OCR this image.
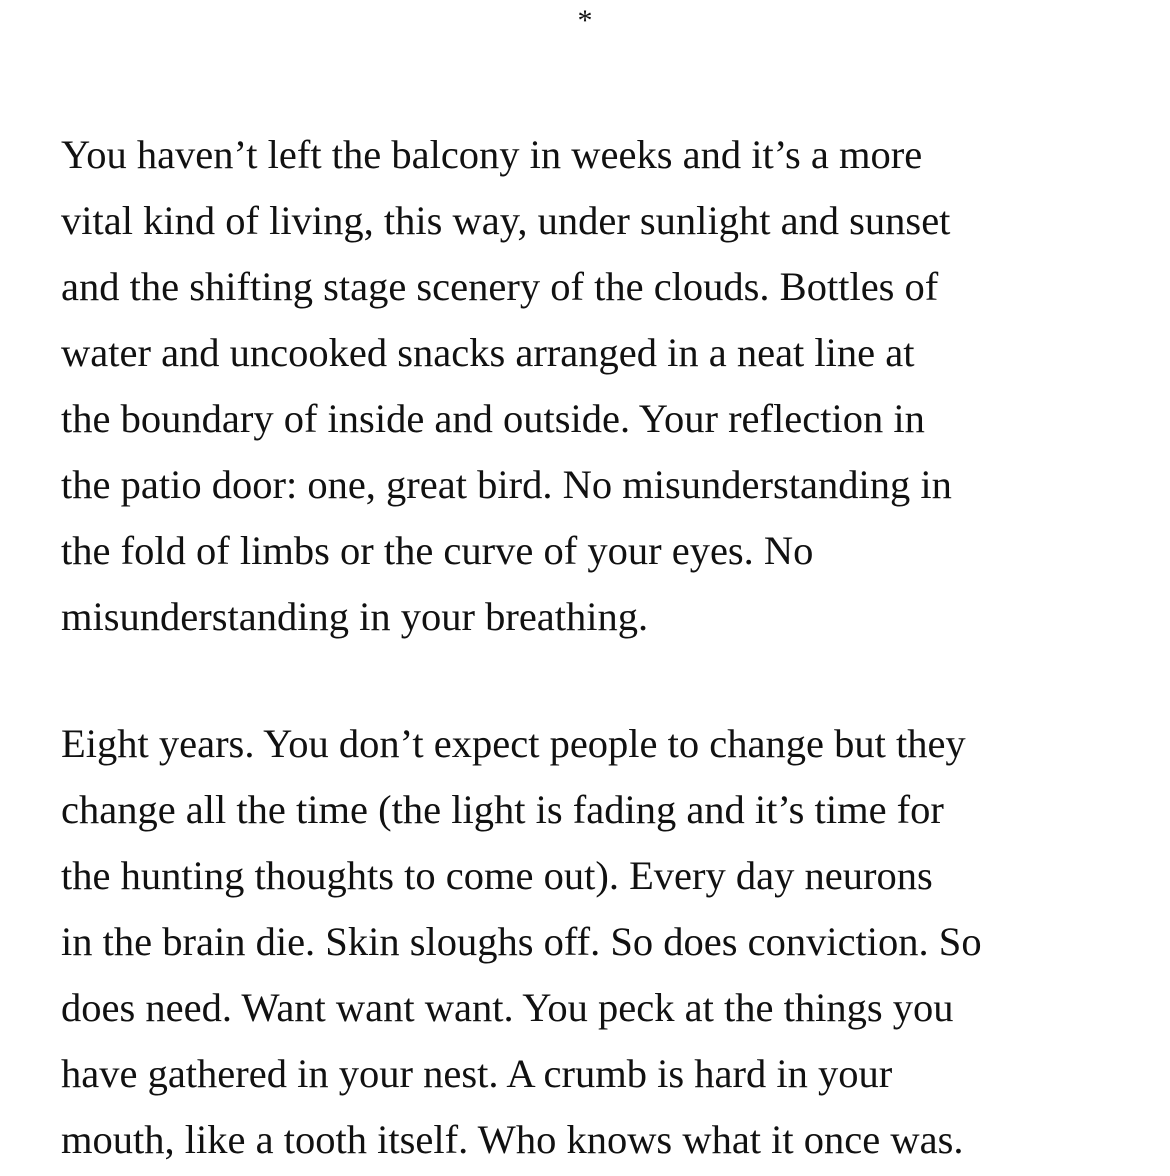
*

You haven’t left the balcony in weeks and it’s a more
vital kind of living, this way, under sunlight and sunset
and the shifting stage scenery of the clouds. Bottles of
water and uncooked snacks arranged in a neat line at
the boundary of inside and outside. Your reflection in
the patio door: one, great bird. No misunderstanding in
the fold of limbs or the curve of your eyes. No
misunderstanding in your breathing.

Eight years. You don’t expect people to change but they
change all the time (the light is fading and it’s time for
the hunting thoughts to come out). Every day neurons
in the brain die. Skin sloughs off. So does conviction. So
does need. Want want want. You peck at the things you
have gathered in your nest. A crumb is hard in your
mouth, like a tooth itself. Who knows what it once was.
